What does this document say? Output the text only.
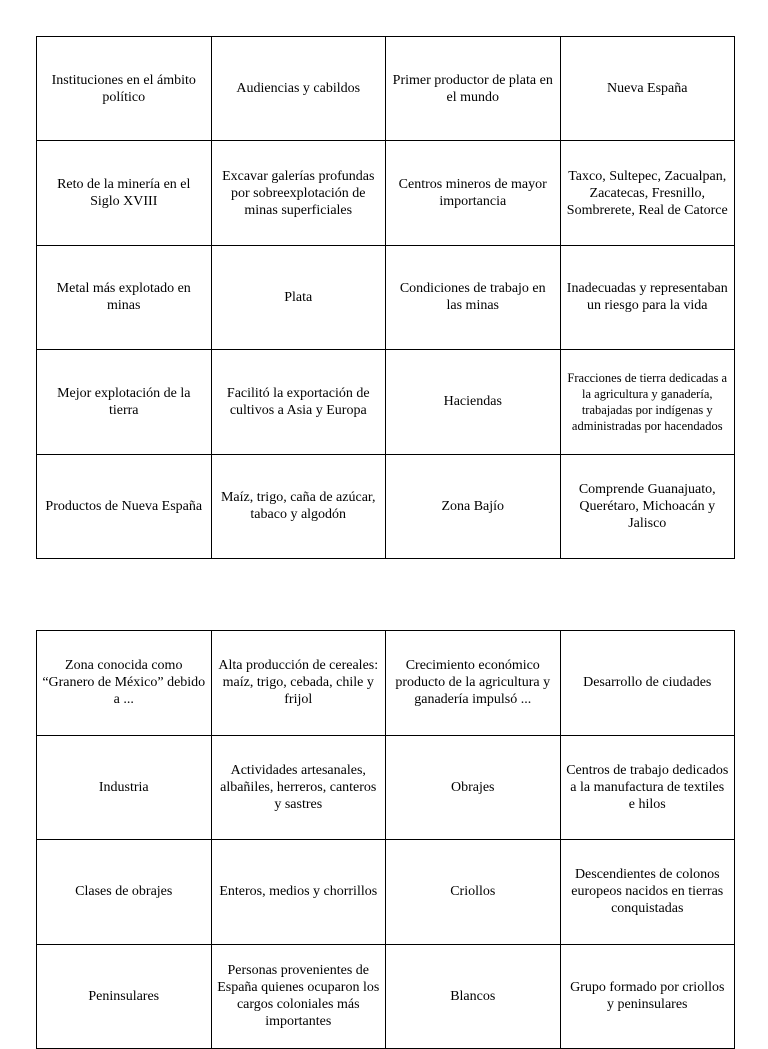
Instituciones en el ámbito político	Audiencias y cabildos	Primer productor de plata en el mundo	Nueva España

Reto de la minería en el Siglo XVIII	Excavar galerías profundas por sobreexplotación de minas superficiales	Centros mineros de mayor importancia	Taxco, Sultepec, Zacualpan, Zacatecas, Fresnillo, Sombrerete, Real de Catorce

Metal más explotado en minas	Plata	Condiciones de trabajo en las minas	Inadecuadas y representaban un riesgo para la vida

Mejor explotación de la tierra	Facilitó la exportación de cultivos a Asia y Europa	Haciendas	Fracciones de tierra dedicadas a la agricultura y ganadería, trabajadas por indígenas y administradas por hacendados

Productos de Nueva España	Maíz, trigo, caña de azúcar, tabaco y algodón	Zona Bajío	Comprende Guanajuato, Querétaro, Michoacán y Jalisco
Zona conocida como “Granero de México” debido a ...	Alta producción de cereales: maíz, trigo, cebada, chile y frijol	Crecimiento económico producto de la agricultura y ganadería impulsó ...	Desarrollo de ciudades

Industria	Actividades artesanales, albañiles, herreros, canteros y sastres	Obrajes	Centros de trabajo dedicados a la manufactura de textiles e hilos

Clases de obrajes	Enteros, medios y chorrillos	Criollos	Descendientes de colonos europeos nacidos en tierras conquistadas

Peninsulares	Personas provenientes de España quienes ocuparon los cargos coloniales más importantes	Blancos	Grupo formado por criollos y peninsulares
